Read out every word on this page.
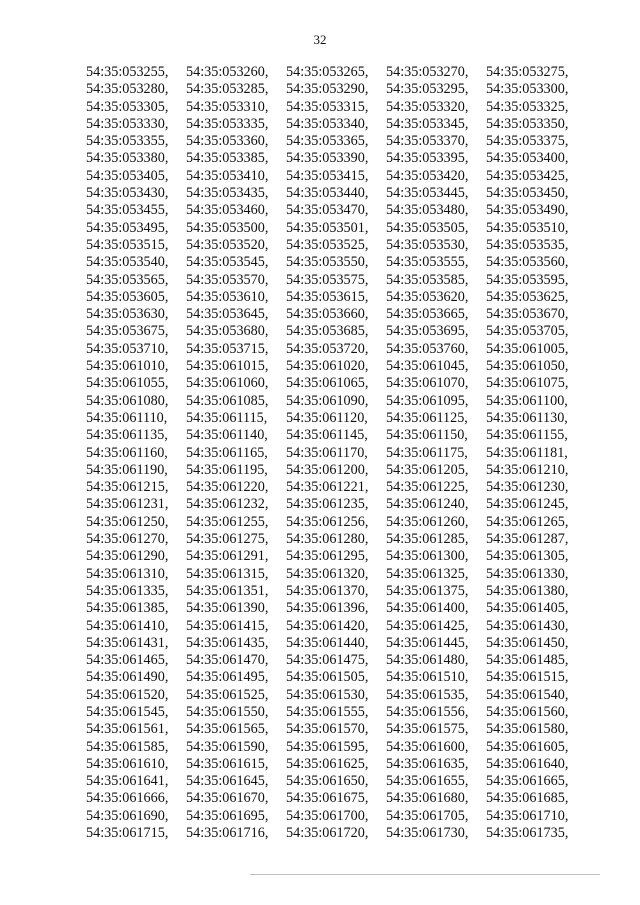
32
54:35:053255,	54:35:053260,	54:35:053265,	54:35:053270,	54:35:053275,
54:35:053280,	54:35:053285,	54:35:053290,	54:35:053295,	54:35:053300,
54:35:053305,	54:35:053310,	54:35:053315,	54:35:053320,	54:35:053325,
54:35:053330,	54:35:053335,	54:35:053340,	54:35:053345,	54:35:053350,
54:35:053355,	54:35:053360,	54:35:053365,	54:35:053370,	54:35:053375,
54:35:053380,	54:35:053385,	54:35:053390,	54:35:053395,	54:35:053400,
54:35:053405,	54:35:053410,	54:35:053415,	54:35:053420,	54:35:053425,
54:35:053430,	54:35:053435,	54:35:053440,	54:35:053445,	54:35:053450,
54:35:053455,	54:35:053460,	54:35:053470,	54:35:053480,	54:35:053490,
54:35:053495,	54:35:053500,	54:35:053501,	54:35:053505,	54:35:053510,
54:35:053515,	54:35:053520,	54:35:053525,	54:35:053530,	54:35:053535,
54:35:053540,	54:35:053545,	54:35:053550,	54:35:053555,	54:35:053560,
54:35:053565,	54:35:053570,	54:35:053575,	54:35:053585,	54:35:053595,
54:35:053605,	54:35:053610,	54:35:053615,	54:35:053620,	54:35:053625,
54:35:053630,	54:35:053645,	54:35:053660,	54:35:053665,	54:35:053670,
54:35:053675,	54:35:053680,	54:35:053685,	54:35:053695,	54:35:053705,
54:35:053710,	54:35:053715,	54:35:053720,	54:35:053760,	54:35:061005,
54:35:061010,	54:35:061015,	54:35:061020,	54:35:061045,	54:35:061050,
54:35:061055,	54:35:061060,	54:35:061065,	54:35:061070,	54:35:061075,
54:35:061080,	54:35:061085,	54:35:061090,	54:35:061095,	54:35:061100,
54:35:061110,	54:35:061115,	54:35:061120,	54:35:061125,	54:35:061130,
54:35:061135,	54:35:061140,	54:35:061145,	54:35:061150,	54:35:061155,
54:35:061160,	54:35:061165,	54:35:061170,	54:35:061175,	54:35:061181,
54:35:061190,	54:35:061195,	54:35:061200,	54:35:061205,	54:35:061210,
54:35:061215,	54:35:061220,	54:35:061221,	54:35:061225,	54:35:061230,
54:35:061231,	54:35:061232,	54:35:061235,	54:35:061240,	54:35:061245,
54:35:061250,	54:35:061255,	54:35:061256,	54:35:061260,	54:35:061265,
54:35:061270,	54:35:061275,	54:35:061280,	54:35:061285,	54:35:061287,
54:35:061290,	54:35:061291,	54:35:061295,	54:35:061300,	54:35:061305,
54:35:061310,	54:35:061315,	54:35:061320,	54:35:061325,	54:35:061330,
54:35:061335,	54:35:061351,	54:35:061370,	54:35:061375,	54:35:061380,
54:35:061385,	54:35:061390,	54:35:061396,	54:35:061400,	54:35:061405,
54:35:061410,	54:35:061415,	54:35:061420,	54:35:061425,	54:35:061430,
54:35:061431,	54:35:061435,	54:35:061440,	54:35:061445,	54:35:061450,
54:35:061465,	54:35:061470,	54:35:061475,	54:35:061480,	54:35:061485,
54:35:061490,	54:35:061495,	54:35:061505,	54:35:061510,	54:35:061515,
54:35:061520,	54:35:061525,	54:35:061530,	54:35:061535,	54:35:061540,
54:35:061545,	54:35:061550,	54:35:061555,	54:35:061556,	54:35:061560,
54:35:061561,	54:35:061565,	54:35:061570,	54:35:061575,	54:35:061580,
54:35:061585,	54:35:061590,	54:35:061595,	54:35:061600,	54:35:061605,
54:35:061610,	54:35:061615,	54:35:061625,	54:35:061635,	54:35:061640,
54:35:061641,	54:35:061645,	54:35:061650,	54:35:061655,	54:35:061665,
54:35:061666,	54:35:061670,	54:35:061675,	54:35:061680,	54:35:061685,
54:35:061690,	54:35:061695,	54:35:061700,	54:35:061705,	54:35:061710,
54:35:061715,	54:35:061716,	54:35:061720,	54:35:061730,	54:35:061735,
